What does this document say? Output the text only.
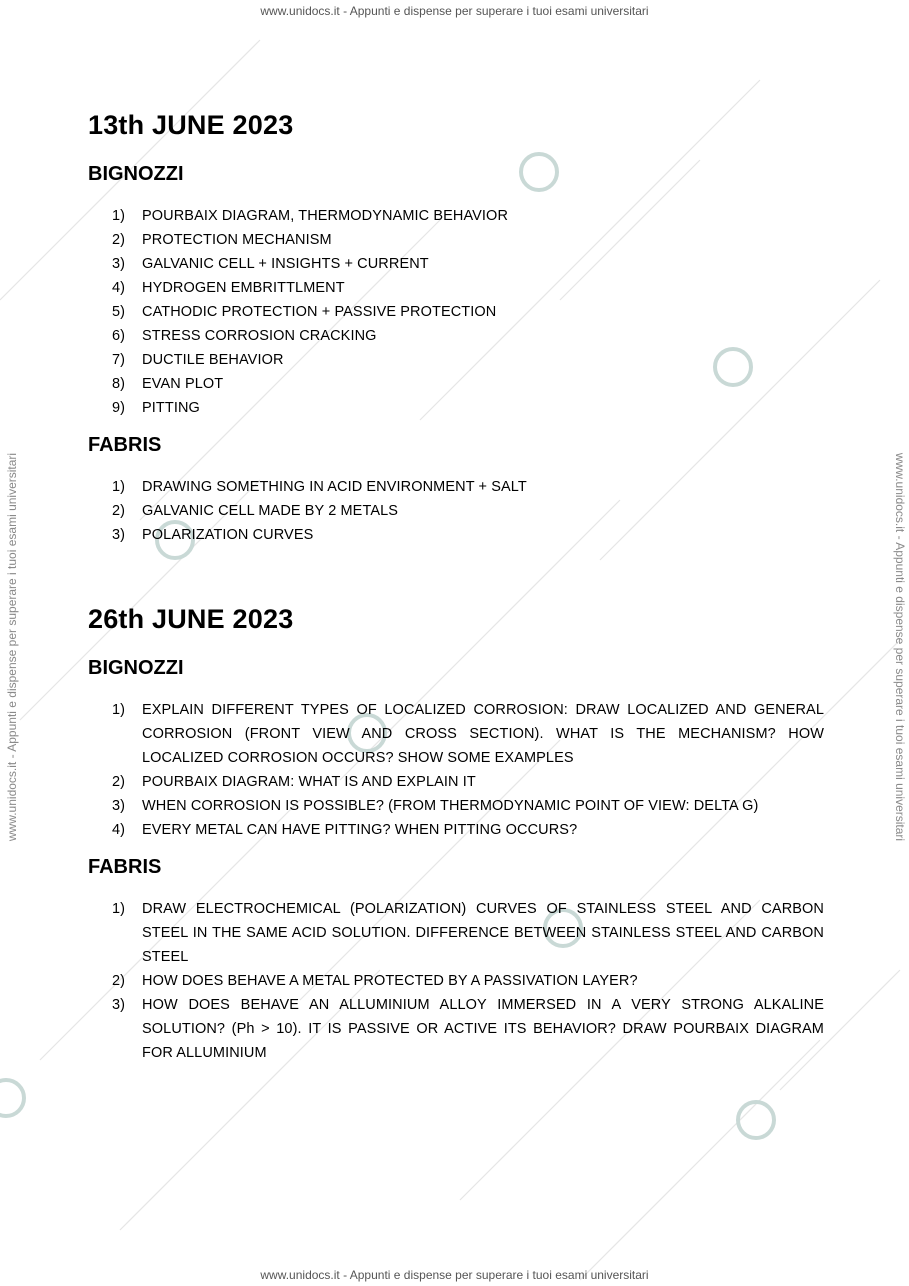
www.unidocs.it - Appunti e dispense per superare i tuoi esami universitari
www.unidocs.it - Appunti e dispense per superare i tuoi esami universitari
www.unidocs.it - Appunti e dispense per superare i tuoi esami universitari	www.unidocs.it - Appunti e dispense per superare i tuoi esami universitari
13th JUNE 2023
BIGNOZZI
1) POURBAIX DIAGRAM, THERMODYNAMIC BEHAVIOR
2) PROTECTION MECHANISM
3) GALVANIC CELL + INSIGHTS + CURRENT
4) HYDROGEN EMBRITTLMENT
5) CATHODIC PROTECTION + PASSIVE PROTECTION
6) STRESS CORROSION CRACKING
7) DUCTILE BEHAVIOR
8) EVAN PLOT
9) PITTING
FABRIS
1) DRAWING SOMETHING IN ACID ENVIRONMENT + SALT
2) GALVANIC CELL MADE BY 2 METALS
3) POLARIZATION CURVES
26th JUNE 2023
BIGNOZZI
1) EXPLAIN DIFFERENT TYPES OF LOCALIZED CORROSION: DRAW LOCALIZED AND GENERAL CORROSION (FRONT VIEW AND CROSS SECTION). WHAT IS THE MECHANISM? HOW LOCALIZED CORROSION OCCURS? SHOW SOME EXAMPLES
2) POURBAIX DIAGRAM: WHAT IS AND EXPLAIN IT
3) WHEN CORROSION IS POSSIBLE? (FROM THERMODYNAMIC POINT OF VIEW: DELTA G)
4) EVERY METAL CAN HAVE PITTING? WHEN PITTING OCCURS?
FABRIS
1) DRAW ELECTROCHEMICAL (POLARIZATION) CURVES OF STAINLESS STEEL AND CARBON STEEL IN THE SAME ACID SOLUTION. DIFFERENCE BETWEEN STAINLESS STEEL AND CARBON STEEL
2) HOW DOES BEHAVE A METAL PROTECTED BY A PASSIVATION LAYER?
3) HOW DOES BEHAVE AN ALLUMINIUM ALLOY IMMERSED IN A VERY STRONG ALKALINE SOLUTION? (Ph > 10). IT IS PASSIVE OR ACTIVE ITS BEHAVIOR? DRAW POURBAIX DIAGRAM FOR ALLUMINIUM
